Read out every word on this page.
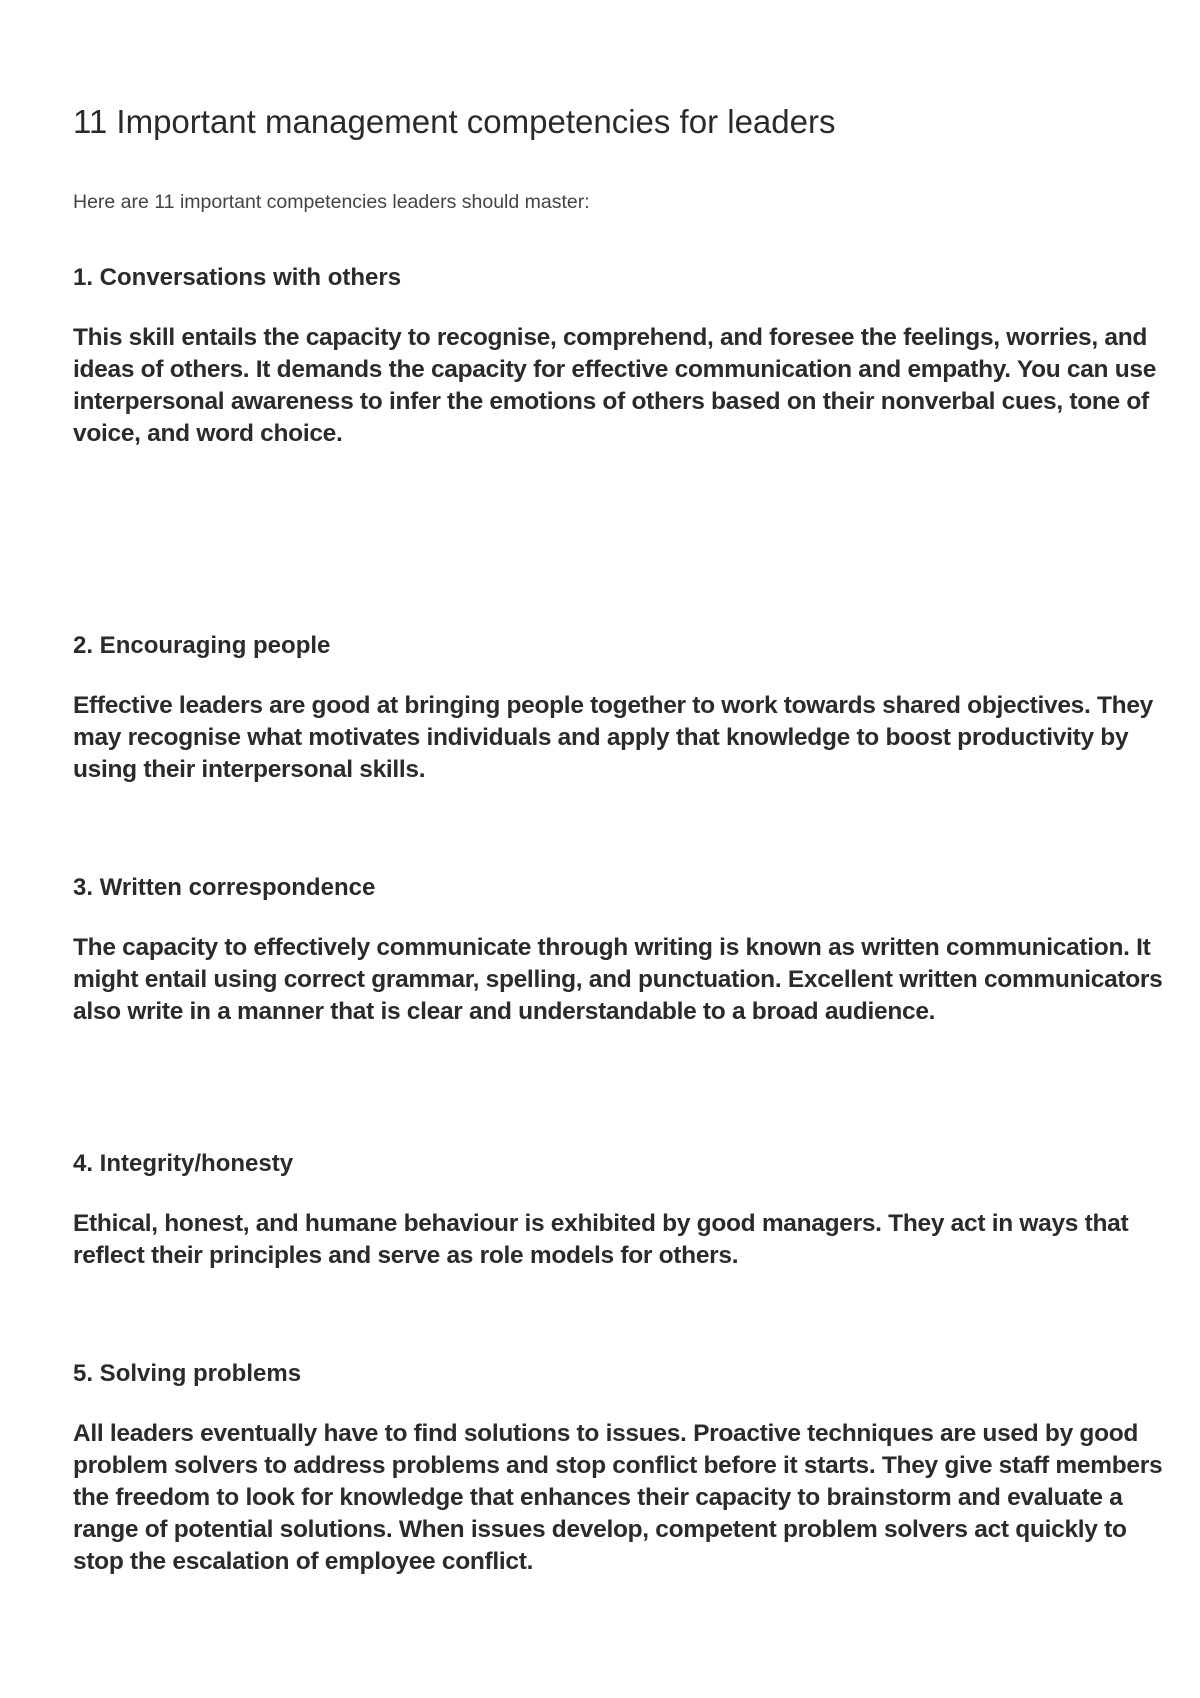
11 Important management competencies for leaders

Here are 11 important competencies leaders should master:

1. Conversations with others

This skill entails the capacity to recognise, comprehend, and foresee the feelings, worries, and ideas of others. It demands the capacity for effective communication and empathy. You can use interpersonal awareness to infer the emotions of others based on their nonverbal cues, tone of voice, and word choice.

2. Encouraging people

Effective leaders are good at bringing people together to work towards shared objectives. They may recognise what motivates individuals and apply that knowledge to boost productivity by using their interpersonal skills.

3. Written correspondence

The capacity to effectively communicate through writing is known as written communication. It might entail using correct grammar, spelling, and punctuation. Excellent written communicators also write in a manner that is clear and understandable to a broad audience.

4. Integrity/honesty

Ethical, honest, and humane behaviour is exhibited by good managers. They act in ways that reflect their principles and serve as role models for others.

5. Solving problems

All leaders eventually have to find solutions to issues. Proactive techniques are used by good problem solvers to address problems and stop conflict before it starts. They give staff members the freedom to look for knowledge that enhances their capacity to brainstorm and evaluate a range of potential solutions. When issues develop, competent problem solvers act quickly to stop the escalation of employee conflict.
